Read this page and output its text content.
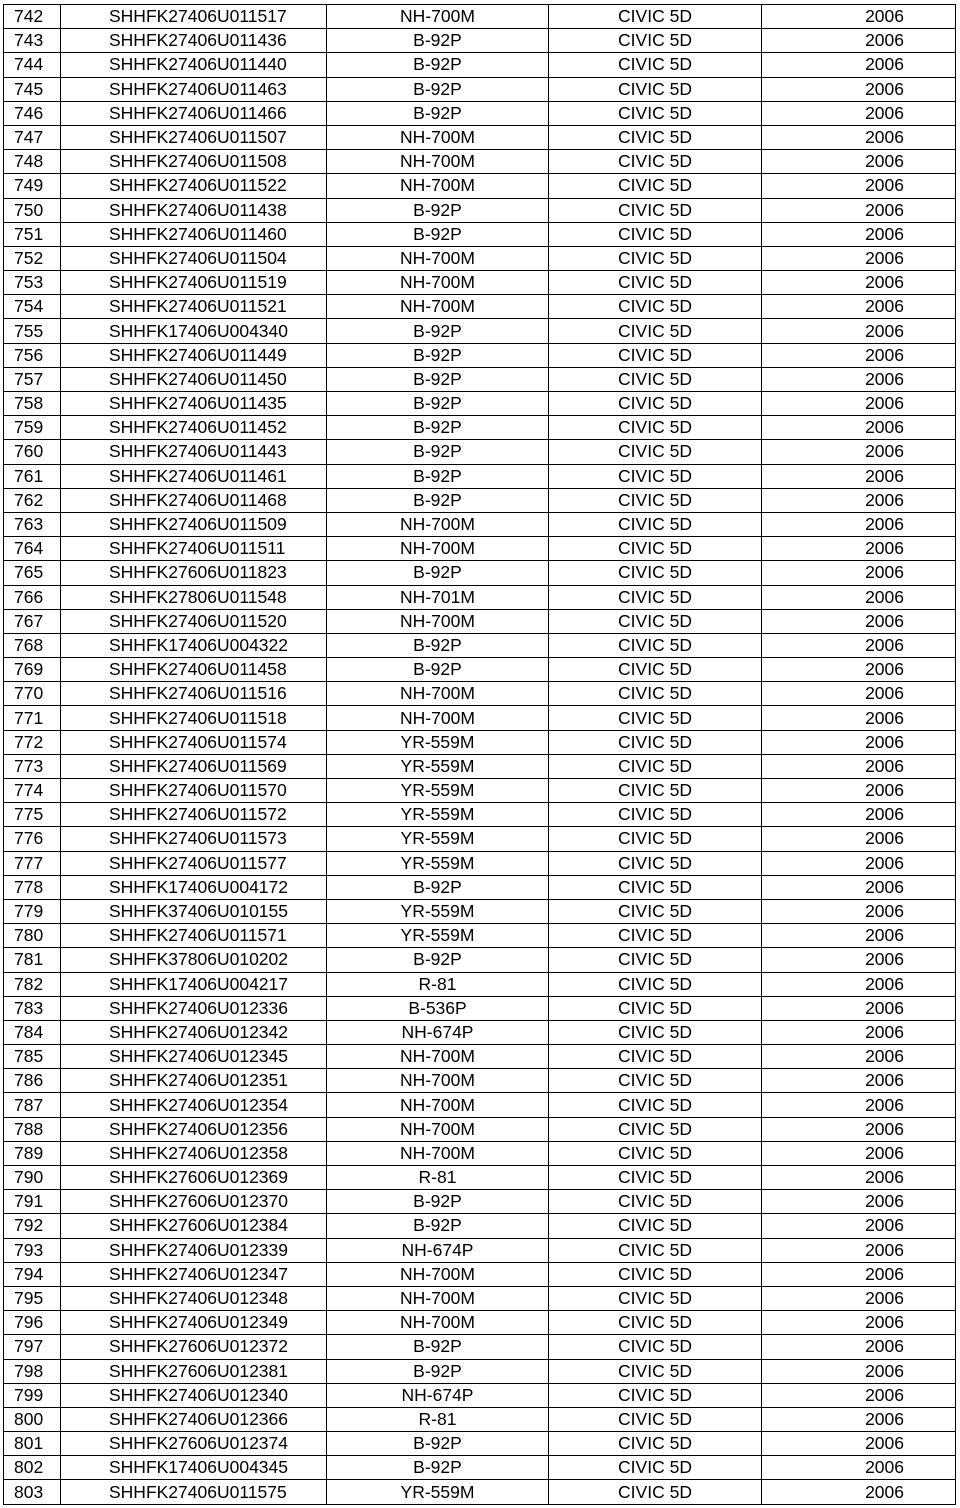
742	SHHFK27406U011517	NH-700M	CIVIC 5D	2006
743	SHHFK27406U011436	B-92P	CIVIC 5D	2006
744	SHHFK27406U011440	B-92P	CIVIC 5D	2006
745	SHHFK27406U011463	B-92P	CIVIC 5D	2006
746	SHHFK27406U011466	B-92P	CIVIC 5D	2006
747	SHHFK27406U011507	NH-700M	CIVIC 5D	2006
748	SHHFK27406U011508	NH-700M	CIVIC 5D	2006
749	SHHFK27406U011522	NH-700M	CIVIC 5D	2006
750	SHHFK27406U011438	B-92P	CIVIC 5D	2006
751	SHHFK27406U011460	B-92P	CIVIC 5D	2006
752	SHHFK27406U011504	NH-700M	CIVIC 5D	2006
753	SHHFK27406U011519	NH-700M	CIVIC 5D	2006
754	SHHFK27406U011521	NH-700M	CIVIC 5D	2006
755	SHHFK17406U004340	B-92P	CIVIC 5D	2006
756	SHHFK27406U011449	B-92P	CIVIC 5D	2006
757	SHHFK27406U011450	B-92P	CIVIC 5D	2006
758	SHHFK27406U011435	B-92P	CIVIC 5D	2006
759	SHHFK27406U011452	B-92P	CIVIC 5D	2006
760	SHHFK27406U011443	B-92P	CIVIC 5D	2006
761	SHHFK27406U011461	B-92P	CIVIC 5D	2006
762	SHHFK27406U011468	B-92P	CIVIC 5D	2006
763	SHHFK27406U011509	NH-700M	CIVIC 5D	2006
764	SHHFK27406U011511	NH-700M	CIVIC 5D	2006
765	SHHFK27606U011823	B-92P	CIVIC 5D	2006
766	SHHFK27806U011548	NH-701M	CIVIC 5D	2006
767	SHHFK27406U011520	NH-700M	CIVIC 5D	2006
768	SHHFK17406U004322	B-92P	CIVIC 5D	2006
769	SHHFK27406U011458	B-92P	CIVIC 5D	2006
770	SHHFK27406U011516	NH-700M	CIVIC 5D	2006
771	SHHFK27406U011518	NH-700M	CIVIC 5D	2006
772	SHHFK27406U011574	YR-559M	CIVIC 5D	2006
773	SHHFK27406U011569	YR-559M	CIVIC 5D	2006
774	SHHFK27406U011570	YR-559M	CIVIC 5D	2006
775	SHHFK27406U011572	YR-559M	CIVIC 5D	2006
776	SHHFK27406U011573	YR-559M	CIVIC 5D	2006
777	SHHFK27406U011577	YR-559M	CIVIC 5D	2006
778	SHHFK17406U004172	B-92P	CIVIC 5D	2006
779	SHHFK37406U010155	YR-559M	CIVIC 5D	2006
780	SHHFK27406U011571	YR-559M	CIVIC 5D	2006
781	SHHFK37806U010202	B-92P	CIVIC 5D	2006
782	SHHFK17406U004217	R-81	CIVIC 5D	2006
783	SHHFK27406U012336	B-536P	CIVIC 5D	2006
784	SHHFK27406U012342	NH-674P	CIVIC 5D	2006
785	SHHFK27406U012345	NH-700M	CIVIC 5D	2006
786	SHHFK27406U012351	NH-700M	CIVIC 5D	2006
787	SHHFK27406U012354	NH-700M	CIVIC 5D	2006
788	SHHFK27406U012356	NH-700M	CIVIC 5D	2006
789	SHHFK27406U012358	NH-700M	CIVIC 5D	2006
790	SHHFK27606U012369	R-81	CIVIC 5D	2006
791	SHHFK27606U012370	B-92P	CIVIC 5D	2006
792	SHHFK27606U012384	B-92P	CIVIC 5D	2006
793	SHHFK27406U012339	NH-674P	CIVIC 5D	2006
794	SHHFK27406U012347	NH-700M	CIVIC 5D	2006
795	SHHFK27406U012348	NH-700M	CIVIC 5D	2006
796	SHHFK27406U012349	NH-700M	CIVIC 5D	2006
797	SHHFK27606U012372	B-92P	CIVIC 5D	2006
798	SHHFK27606U012381	B-92P	CIVIC 5D	2006
799	SHHFK27406U012340	NH-674P	CIVIC 5D	2006
800	SHHFK27406U012366	R-81	CIVIC 5D	2006
801	SHHFK27606U012374	B-92P	CIVIC 5D	2006
802	SHHFK17406U004345	B-92P	CIVIC 5D	2006
803	SHHFK27406U011575	YR-559M	CIVIC 5D	2006
